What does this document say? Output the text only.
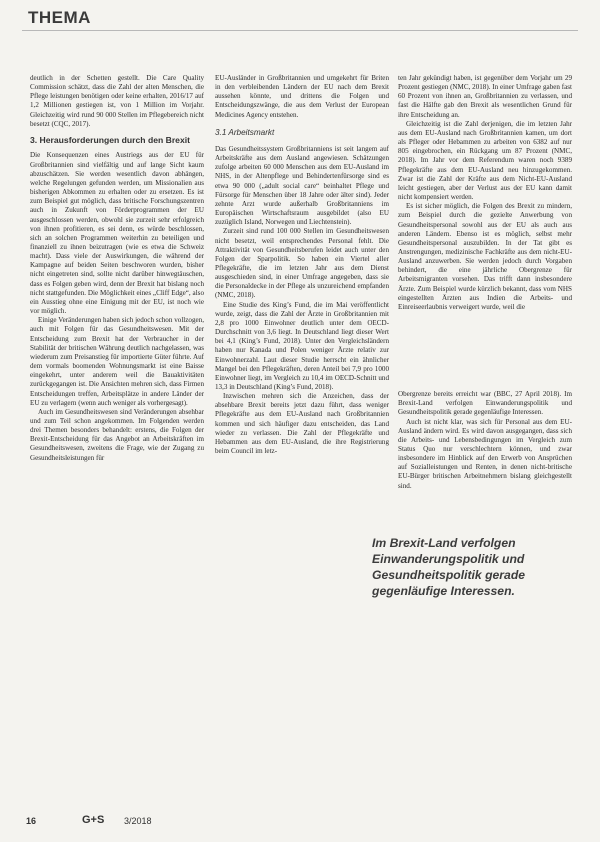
THEMA

deutlich in der Schetten gestellt. Die Care Quality Commission schätzt, dass die Zahl der alten Menschen, die Pflege leistungen benötigen oder keine erhalten, 2016/17 auf 1,2 Millionen gestiegen ist, von 1 Million im Vorjahr. Gleichzeitig wird rund 90 000 Stellen im Pflegebereich nicht besetzt (CQC, 2017).

3. Herausforderungen durch den Brexit

Die Konsequenzen eines Austriegs aus der EU für Großbritannien sind vielfältig und auf lange Sicht kaum abzuschätzen. Sie werden wesentlich davon abhängen, welche Regelungen gefunden werden, um Missionalien aus bisherigen Abkommen zu erhalten oder zu ersetzen. Es ist zum Beispiel gut möglich, dass britische Forschungszentren auch in Zukunft von Förderprogrammen der EU ausgeschlossen werden, obwohl sie zurzeit sehr erfolgreich von ihnen profitieren, es sei denn, es würde beschlossen, sich an solchen Programmen weiterhin zu beteiligen und finanziell zu ihnen beizutragen (wie es etwa die Schweiz macht). Dass viele der Auswirkungen, die während der Kampagne auf beiden Seiten beschworen wurden, bisher nicht eingetreten sind, sollte nicht darüber hinwegtäuschen, dass es Folgen geben wird, denn der Brexit hat bislang noch nicht stattgefunden. Die Möglichkeit eines „Cliff Edge“, also ein Ausstieg ohne eine Einigung mit der EU, ist noch wie vor möglich.

Einige Veränderungen haben sich jedoch schon vollzogen, auch mit Folgen für das Gesundheitswesen. Mit der Entscheidung zum Brexit hat der Verbraucher in der Stabilität der britischen Währung deutlich nachgelassen, was wiederum zum Preisanstieg für importierte Güter führte. Auf dem vormals boomenden Wohnungsmarkt ist eine Baisse eingekehrt, unter anderem weil die Bauaktivitäten zurückgegangen ist. Die Ansichten mehren sich, dass Firmen Entscheidungen treffen, Arbeitsplätze in andere Länder der EU zu verlagern (wenn auch weniger als vorhergesagt).

Auch im Gesundheitswesen sind Veränderungen absehbar und zum Teil schon angekommen. Im Folgenden werden drei Themen besonders behandelt: erstens, die Folgen der Brexit-Entscheidung für das Angebot an Arbeitskräften im Gesundheitswesen, zweitens die Frage, wie der Zugang zu Gesundheitsleistungen für

EU-Ausländer in Großbritannien und umgekehrt für Briten in den verbleibenden Ländern der EU nach dem Brexit aussehen könnte, und drittens die Folgen und Entscheidungszwänge, die aus dem Verlust der European Medicines Agency entstehen.

3.1 Arbeitsmarkt

Das Gesundheitssystem Großbritanniens ist seit langem auf Arbeitskräfte aus dem Ausland angewiesen. Schätzungen zufolge arbeiten 60 000 Menschen aus dem EU-Ausland im NHS, in der Altenpflege und Behindertenfürsorge sind es etwa 90 000 („adult social care“ beinhaltet Pflege und Fürsorge für Menschen über 18 Jahre oder älter sind). Jeder zehnte Arzt wurde außerhalb Großbritanniens im Europäischen Wirtschaftsraum ausgebildet (also EU zuzüglich Island, Norwegen und Liechtenstein).

Zurzeit sind rund 100 000 Stellen im Gesundheitswesen nicht besetzt, weil entsprechendes Personal fehlt. Die Attraktivität von Gesundheitsberufen leidet auch unter den Folgen der Sparpolitik. So haben ein Viertel aller Pflegekräfte, die im letzten Jahr aus dem Dienst ausgeschieden sind, in einer Umfrage angegeben, dass sie die Personaldecke in der Pflege als unzureichend empfanden (NMC, 2018).

Eine Studie des King’s Fund, die im Mai veröffentlicht wurde, zeigt, dass die Zahl der Ärzte in Großbritannien mit 2,8 pro 1000 Einwohner deutlich unter dem OECD-Durchschnitt von 3,6 liegt. In Deutschland liegt dieser Wert bei 4,1 (King’s Fund, 2018). Unter den Vergleichsländern haben nur Kanada und Polen weniger Ärzte relativ zur Einwohnerzahl. Laut dieser Studie herrscht ein ähnlicher Mangel bei den Pflegekräften, deren Anteil bei 7,9 pro 1000 Einwohner liegt, im Vergleich zu 10,4 im OECD-Schnitt und 13,3 in Deutschland (King’s Fund, 2018).

Inzwischen mehren sich die Anzeichen, dass der absehbare Brexit bereits jetzt dazu führt, dass weniger Pflegekräfte aus dem EU-Ausland nach Großbritannien kommen und sich häufiger dazu entscheiden, das Land wieder zu verlassen. Die Zahl der Pflegekräfte und Hebammen aus dem EU-Ausland, die ihre Registrierung beim Council im letz-

ten Jahr gekündigt haben, ist gegenüber dem Vorjahr um 29 Prozent gestiegen (NMC, 2018). In einer Umfrage gaben fast 60 Prozent von ihnen an, Großbritannien zu verlassen, und fast die Hälfte gab den Brexit als wesentlichen Grund für ihre Entscheidung an.

Gleichzeitig ist die Zahl derjenigen, die im letzten Jahr aus dem EU-Ausland nach Großbritannien kamen, um dort als Pfleger oder Hebammen zu arbeiten von 6382 auf nur 805 eingebrochen, ein Rückgang um 87 Prozent (NMC, 2018). Im Jahr vor dem Referendum waren noch 9389 Pflegekräfte aus dem EU-Ausland neu hinzugekommen. Zwar ist die Zahl der Kräfte aus dem Nicht-EU-Ausland leicht gestiegen, aber der Verlust aus der EU kann damit nicht kompensiert werden.

Es ist sicher möglich, die Folgen des Brexit zu mindern, zum Beispiel durch die gezielte Anwerbung von Gesundheitspersonal sowohl aus der EU als auch aus anderen Ländern. Ebenso ist es möglich, selbst mehr Gesundheitspersonal auszubilden. In der Tat gibt es Anstrengungen, medizinische Fachkräfte aus dem nicht-EU-Ausland anzuwerben. Sie werden jedoch durch Vorgaben behindert, die eine jährliche Obergrenze für Arbeitsmigranten vorsehen. Das trifft dann insbesondere Ärzte. Zum Beispiel wurde kürzlich bekannt, dass vom NHS eingestellten Ärzten aus Indien die Arbeits- und Einreiseerlaubnis verweigert wurde, weil die

Obergrenze bereits erreicht war (BBC, 27 April 2018). Im Brexit-Land verfolgen Einwanderungspolitik und Gesundheitspolitik gerade gegenläufige Interessen.

Auch ist nicht klar, was sich für Personal aus dem EU-Ausland ändern wird. Es wird davon ausgegangen, dass sich die Arbeits- und Lebensbedingungen im Vergleich zum Status Quo nur verschlechtern können, und zwar insbesondere im Hinblick auf den Erwerb von Ansprüchen auf Sozialleistungen und Renten, in denen nicht-britische EU-Bürger britischen Arbeitnehmern bislang gleichgestellt sind.

Im Brexit-Land verfolgen Einwanderungspolitik und Gesundheitspolitik gerade gegenläufige Interessen.
16	G+S 3/2018
